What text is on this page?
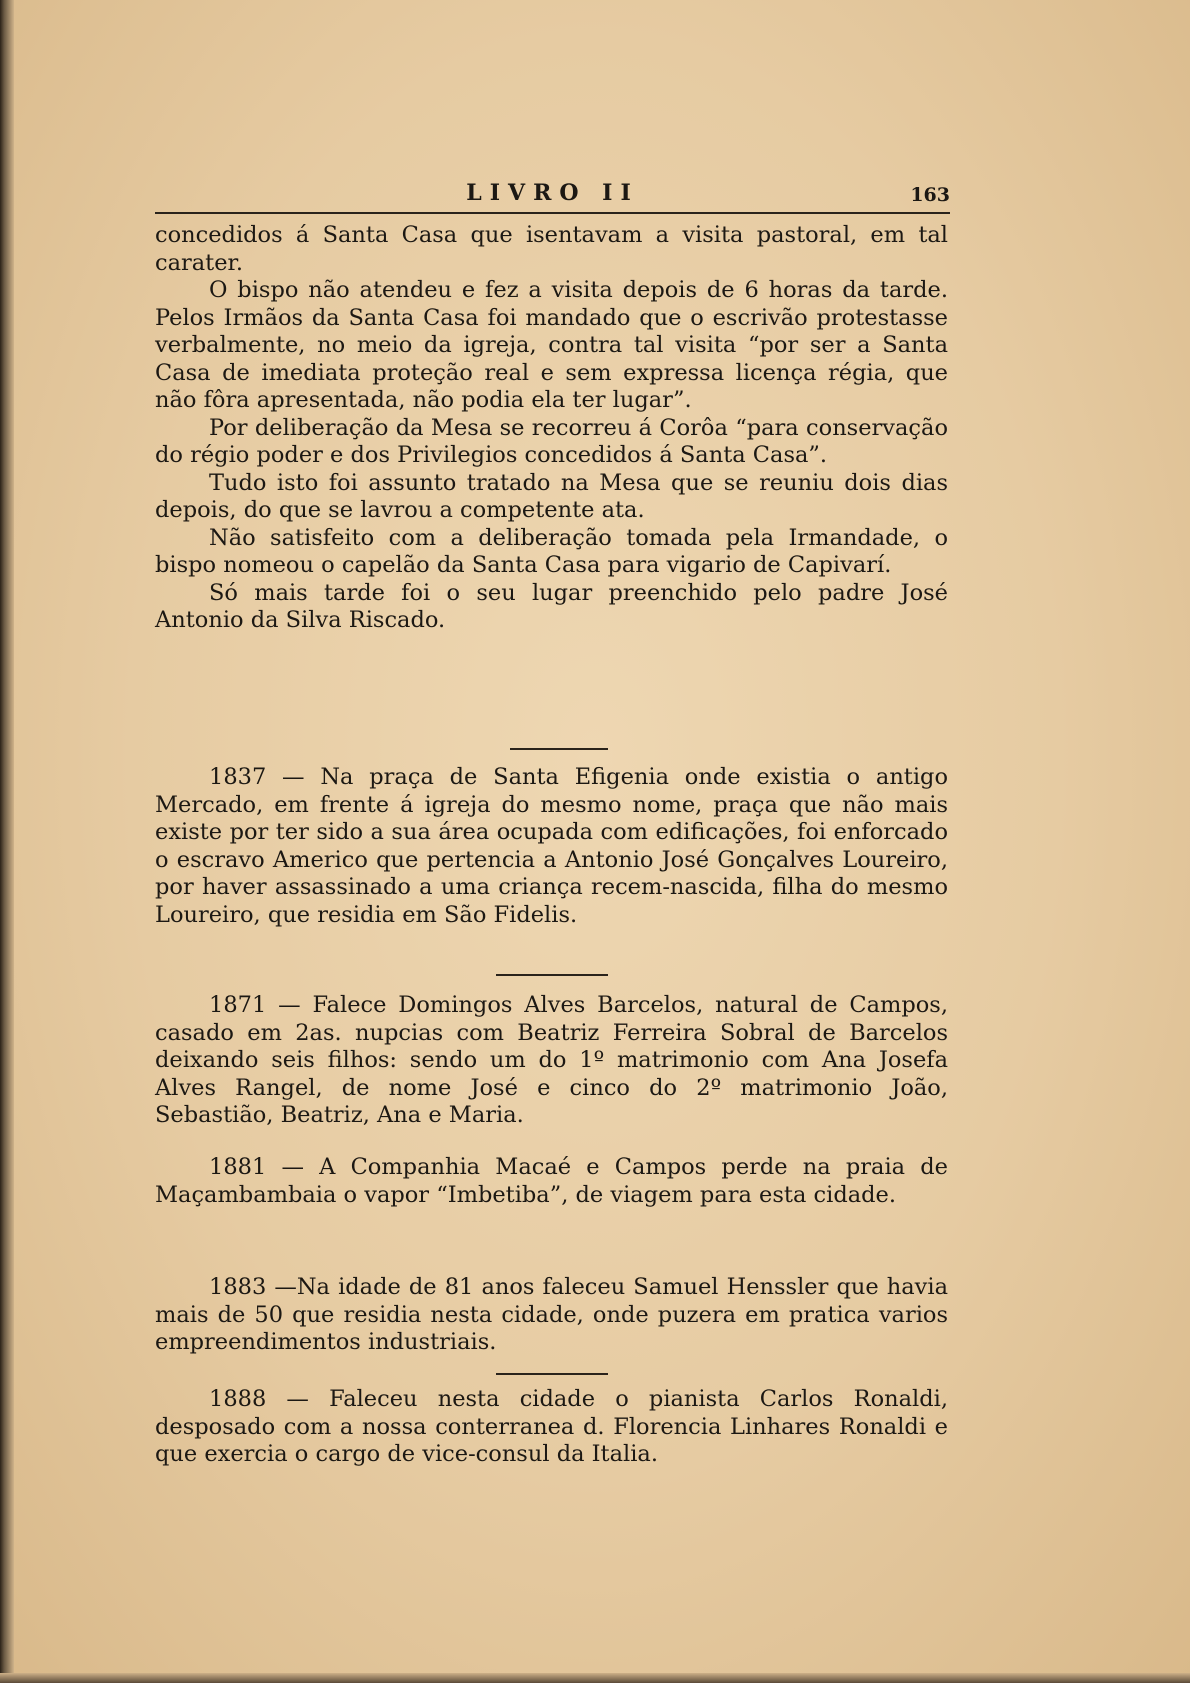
LIVRO II	163

concedidos á Santa Casa que isentavam a visita pastoral, em tal carater.

O bispo não atendeu e fez a visita depois de 6 horas da tarde. Pelos Irmãos da Santa Casa foi mandado que o escrivão protestasse verbalmente, no meio da igreja, contra tal visita “por ser a Santa Casa de imediata proteção real e sem expressa licença régia, que não fôra apresentada, não podia ela ter lugar”.

Por deliberação da Mesa se recorreu á Corôa “para conservação do régio poder e dos Privilegios concedidos á Santa Casa”.

Tudo isto foi assunto tratado na Mesa que se reuniu dois dias depois, do que se lavrou a competente ata.

Não satisfeito com a deliberação tomada pela Irmandade, o bispo nomeou o capelão da Santa Casa para vigario de Capivarí.

Só mais tarde foi o seu lugar preenchido pelo padre José Antonio da Silva Riscado.

1837 — Na praça de Santa Efigenia onde existia o antigo Mercado, em frente á igreja do mesmo nome, praça que não mais existe por ter sido a sua área ocupada com edificações, foi enforcado o escravo Americo que pertencia a Antonio José Gonçalves Loureiro, por haver assassinado a uma criança recem-nascida, filha do mesmo Loureiro, que residia em São Fidelis.

1871 — Falece Domingos Alves Barcelos, natural de Campos, casado em 2as. nupcias com Beatriz Ferreira Sobral de Barcelos deixando seis filhos: sendo um do 1º matrimonio com Ana Josefa Alves Rangel, de nome José e cinco do 2º matrimonio João, Sebastião, Beatriz, Ana e Maria.

1881 — A Companhia Macaé e Campos perde na praia de Maçambambaia o vapor “Imbetiba”, de viagem para esta cidade.

1883 —Na idade de 81 anos faleceu Samuel Henssler que havia mais de 50 que residia nesta cidade, onde puzera em pratica varios empreendimentos industriais.

1888 — Faleceu nesta cidade o pianista Carlos Ronaldi, desposado com a nossa conterranea d. Florencia Linhares Ronaldi e que exercia o cargo de vice-consul da Italia.
